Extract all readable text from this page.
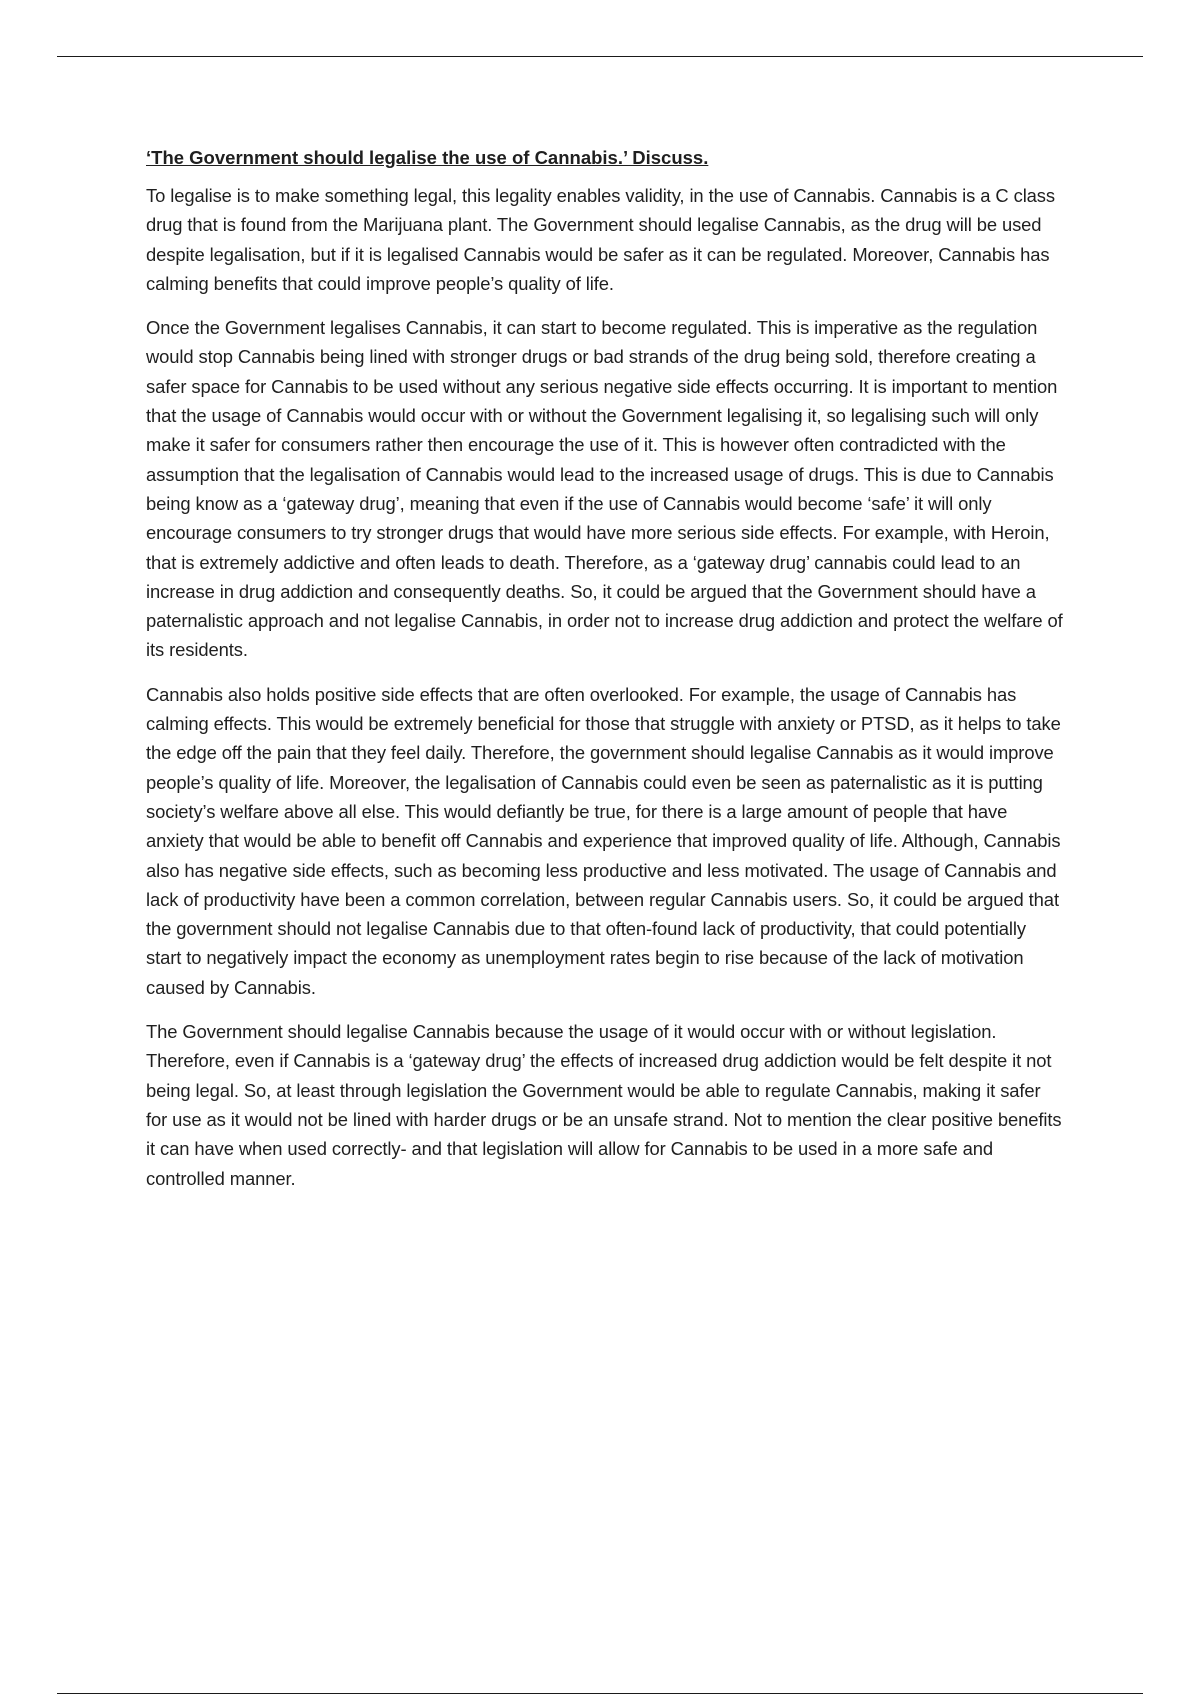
‘The Government should legalise the use of Cannabis.’ Discuss.

To legalise is to make something legal, this legality enables validity, in the use of Cannabis. Cannabis is a C class drug that is found from the Marijuana plant. The Government should legalise Cannabis, as the drug will be used despite legalisation, but if it is legalised Cannabis would be safer as it can be regulated. Moreover, Cannabis has calming benefits that could improve people’s quality of life.

Once the Government legalises Cannabis, it can start to become regulated. This is imperative as the regulation would stop Cannabis being lined with stronger drugs or bad strands of the drug being sold, therefore creating a safer space for Cannabis to be used without any serious negative side effects occurring. It is important to mention that the usage of Cannabis would occur with or without the Government legalising it, so legalising such will only make it safer for consumers rather then encourage the use of it. This is however often contradicted with the assumption that the legalisation of Cannabis would lead to the increased usage of drugs. This is due to Cannabis being know as a ‘gateway drug’, meaning that even if the use of Cannabis would become ‘safe’ it will only encourage consumers to try stronger drugs that would have more serious side effects. For example, with Heroin, that is extremely addictive and often leads to death. Therefore, as a ‘gateway drug’ cannabis could lead to an increase in drug addiction and consequently deaths. So, it could be argued that the Government should have a paternalistic approach and not legalise Cannabis, in order not to increase drug addiction and protect the welfare of its residents.

Cannabis also holds positive side effects that are often overlooked. For example, the usage of Cannabis has calming effects. This would be extremely beneficial for those that struggle with anxiety or PTSD, as it helps to take the edge off the pain that they feel daily. Therefore, the government should legalise Cannabis as it would improve people’s quality of life. Moreover, the legalisation of Cannabis could even be seen as paternalistic as it is putting society’s welfare above all else. This would defiantly be true, for there is a large amount of people that have anxiety that would be able to benefit off Cannabis and experience that improved quality of life. Although, Cannabis also has negative side effects, such as becoming less productive and less motivated. The usage of Cannabis and lack of productivity have been a common correlation, between regular Cannabis users. So, it could be argued that the government should not legalise Cannabis due to that often-found lack of productivity, that could potentially start to negatively impact the economy as unemployment rates begin to rise because of the lack of motivation caused by Cannabis.

The Government should legalise Cannabis because the usage of it would occur with or without legislation. Therefore, even if Cannabis is a ‘gateway drug’ the effects of increased drug addiction would be felt despite it not being legal. So, at least through legislation the Government would be able to regulate Cannabis, making it safer for use as it would not be lined with harder drugs or be an unsafe strand. Not to mention the clear positive benefits it can have when used correctly- and that legislation will allow for Cannabis to be used in a more safe and controlled manner.
